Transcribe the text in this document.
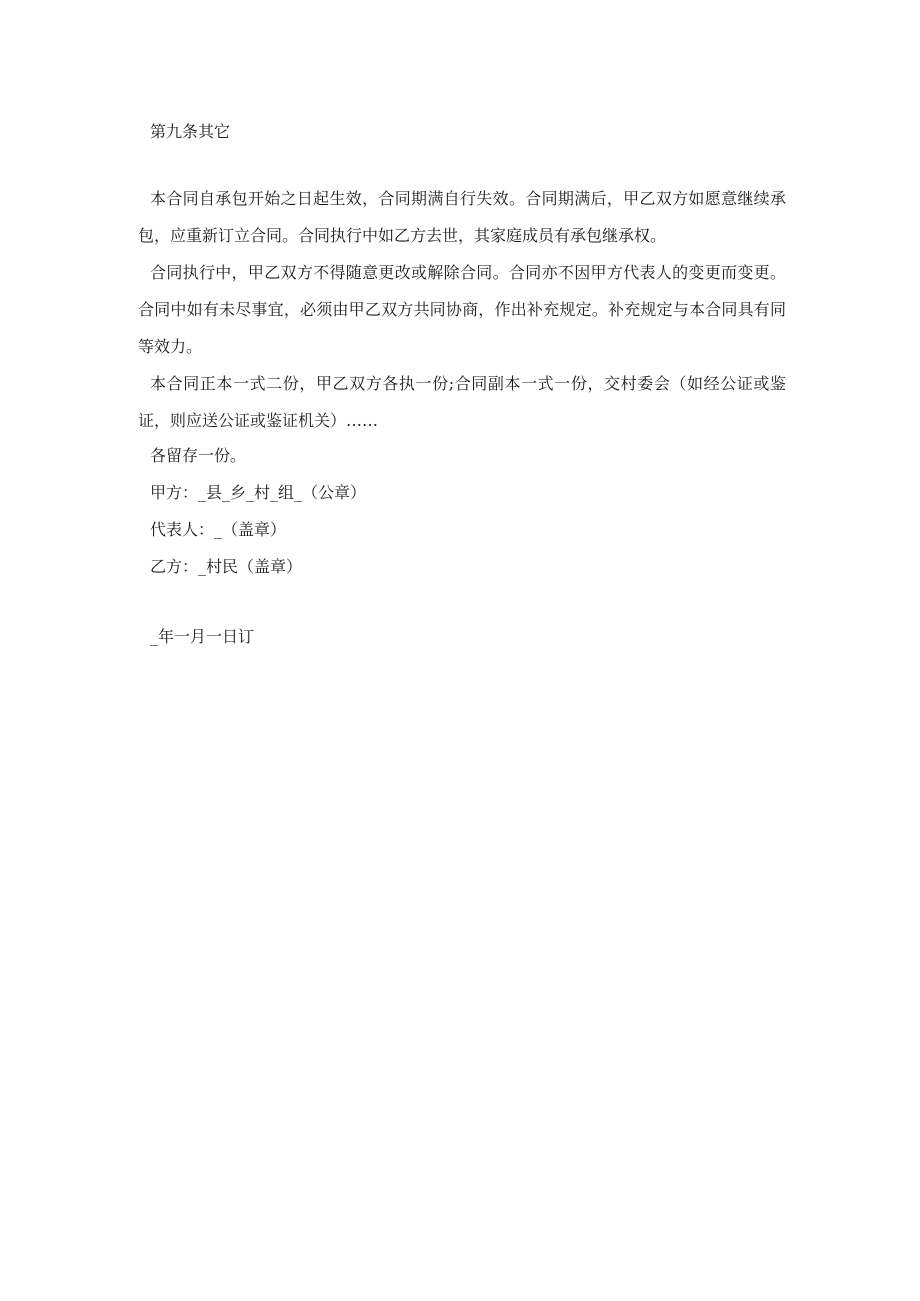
第九条其它
本合同自承包开始之日起生效，合同期满自行失效。合同期满后，甲乙双方如愿意继续承包，应重新订立合同。合同执行中如乙方去世，其家庭成员有承包继承权。
合同执行中，甲乙双方不得随意更改或解除合同。合同亦不因甲方代表人的变更而变更。合同中如有未尽事宜，必须由甲乙双方共同协商，作出补充规定。补充规定与本合同具有同等效力。
本合同正本一式二份，甲乙双方各执一份;合同副本一式一份，交村委会（如经公证或鉴证，则应送公证或鉴证机关）……
各留存一份。
甲方：_县_乡_村_组_（公章）
代表人：_（盖章）
乙方：_村民（盖章）
_年一月一日订
